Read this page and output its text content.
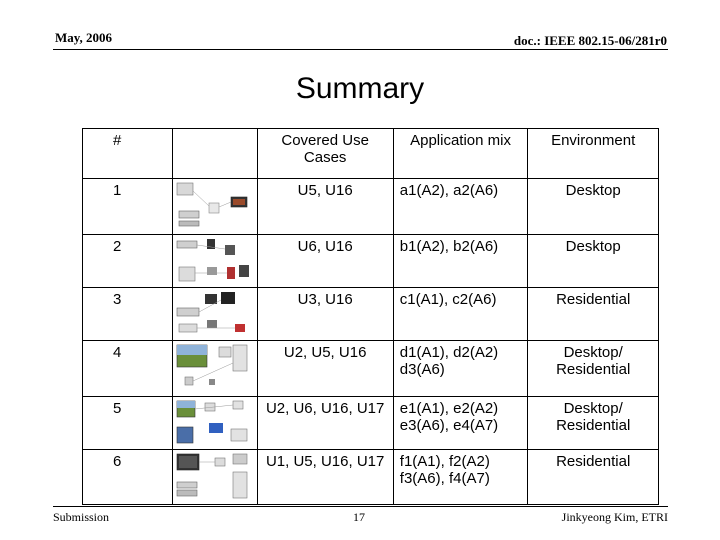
May, 2006	doc.: IEEE 802.15-06/281r0
Summary
#		Covered Use Cases	Application mix	Environment
1		U5, U16	a1(A2), a2(A6)	Desktop
2		U6, U16	b1(A2), b2(A6)	Desktop
3		U3, U16	c1(A1), c2(A6)	Residential
4		U2, U5, U16	d1(A1), d2(A2) d3(A6)	Desktop/ Residential
5		U2, U6, U16, U17	e1(A1), e2(A2) e3(A6), e4(A7)	Desktop/ Residential
6		U1, U5, U16, U17	f1(A1), f2(A2) f3(A6), f4(A7)	Residential
Submission	17	Jinkyeong Kim, ETRI
